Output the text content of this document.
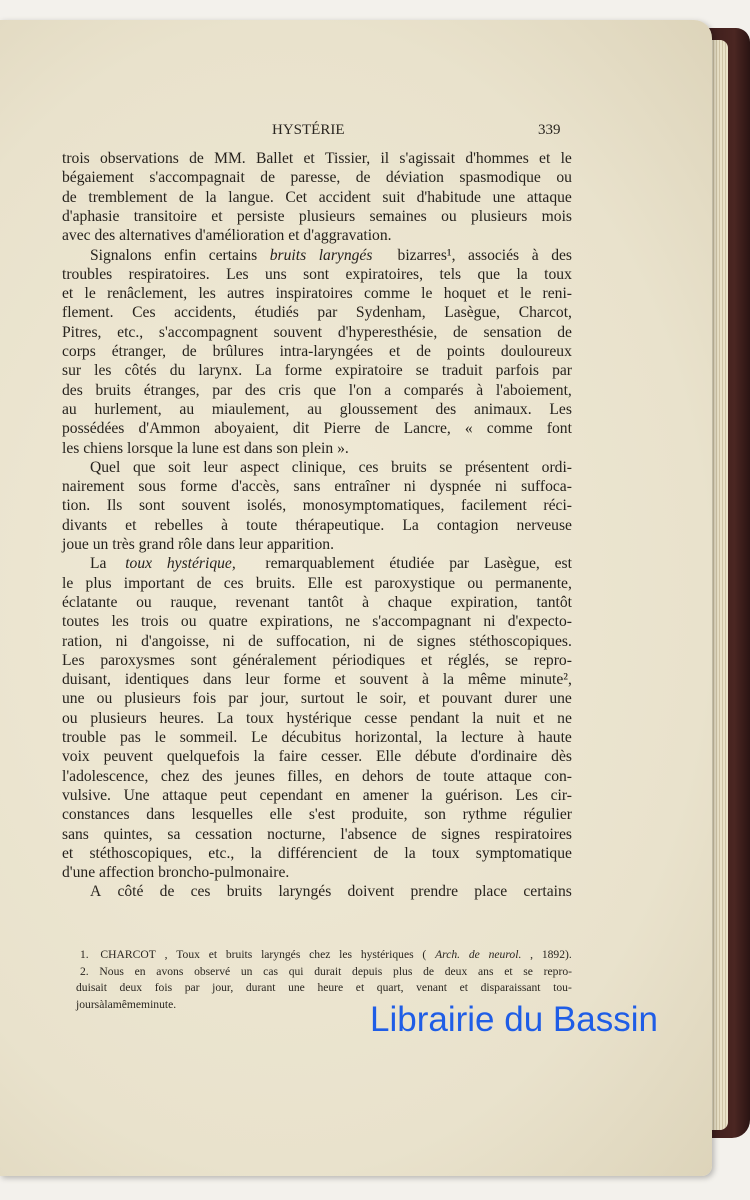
HYSTÉRIE	339
trois observations de MM. Ballet et Tissier, il s'agissait d'hommes et le
bégaiement s'accompagnait de paresse, de déviation spasmodique ou
de tremblement de la langue. Cet accident suit d'habitude une attaque
d'aphasie transitoire et persiste plusieurs semaines ou plusieurs mois
avec des alternatives d'amélioration et d'aggravation.
Signalons enfin certains bruits laryngés bizarres¹, associés à des
troubles respiratoires. Les uns sont expiratoires, tels que la toux
et le renâclement, les autres inspiratoires comme le hoquet et le reni-
flement. Ces accidents, étudiés par Sydenham, Lasègue, Charcot,
Pitres, etc., s'accompagnent souvent d'hyperesthésie, de sensation de
corps étranger, de brûlures intra-laryngées et de points douloureux
sur les côtés du larynx. La forme expiratoire se traduit parfois par
des bruits étranges, par des cris que l'on a comparés à l'aboiement,
au hurlement, au miaulement, au gloussement des animaux. Les
possédées d'Ammon aboyaient, dit Pierre de Lancre, « comme font
les chiens lorsque la lune est dans son plein ».
Quel que soit leur aspect clinique, ces bruits se présentent ordi-
nairement sous forme d'accès, sans entraîner ni dyspnée ni suffoca-
tion. Ils sont souvent isolés, monosymptomatiques, facilement réci-
divants et rebelles à toute thérapeutique. La contagion nerveuse
joue un très grand rôle dans leur apparition.
La toux hystérique, remarquablement étudiée par Lasègue, est
le plus important de ces bruits. Elle est paroxystique ou permanente,
éclatante ou rauque, revenant tantôt à chaque expiration, tantôt
toutes les trois ou quatre expirations, ne s'accompagnant ni d'expecto-
ration, ni d'angoisse, ni de suffocation, ni de signes stéthoscopiques.
Les paroxysmes sont généralement périodiques et réglés, se repro-
duisant, identiques dans leur forme et souvent à la même minute²,
une ou plusieurs fois par jour, surtout le soir, et pouvant durer une
ou plusieurs heures. La toux hystérique cesse pendant la nuit et ne
trouble pas le sommeil. Le décubitus horizontal, la lecture à haute
voix peuvent quelquefois la faire cesser. Elle débute d'ordinaire dès
l'adolescence, chez des jeunes filles, en dehors de toute attaque con-
vulsive. Une attaque peut cependant en amener la guérison. Les cir-
constances dans lesquelles elle s'est produite, son rythme régulier
sans quintes, sa cessation nocturne, l'absence de signes respiratoires
et stéthoscopiques, etc., la différencient de la toux symptomatique
d'une affection broncho-pulmonaire.
A côté de ces bruits laryngés doivent prendre place certains
1. CHARCOT , Toux et bruits laryngés chez les hystériques ( Arch. de neurol. , 1892).
2. Nous en avons observé un cas qui durait depuis plus de deux ans et se repro-
duisait deux fois par jour, durant une heure et quart, venant et disparaissant tou-
jours à la même minute.	Librairie du Bassin
